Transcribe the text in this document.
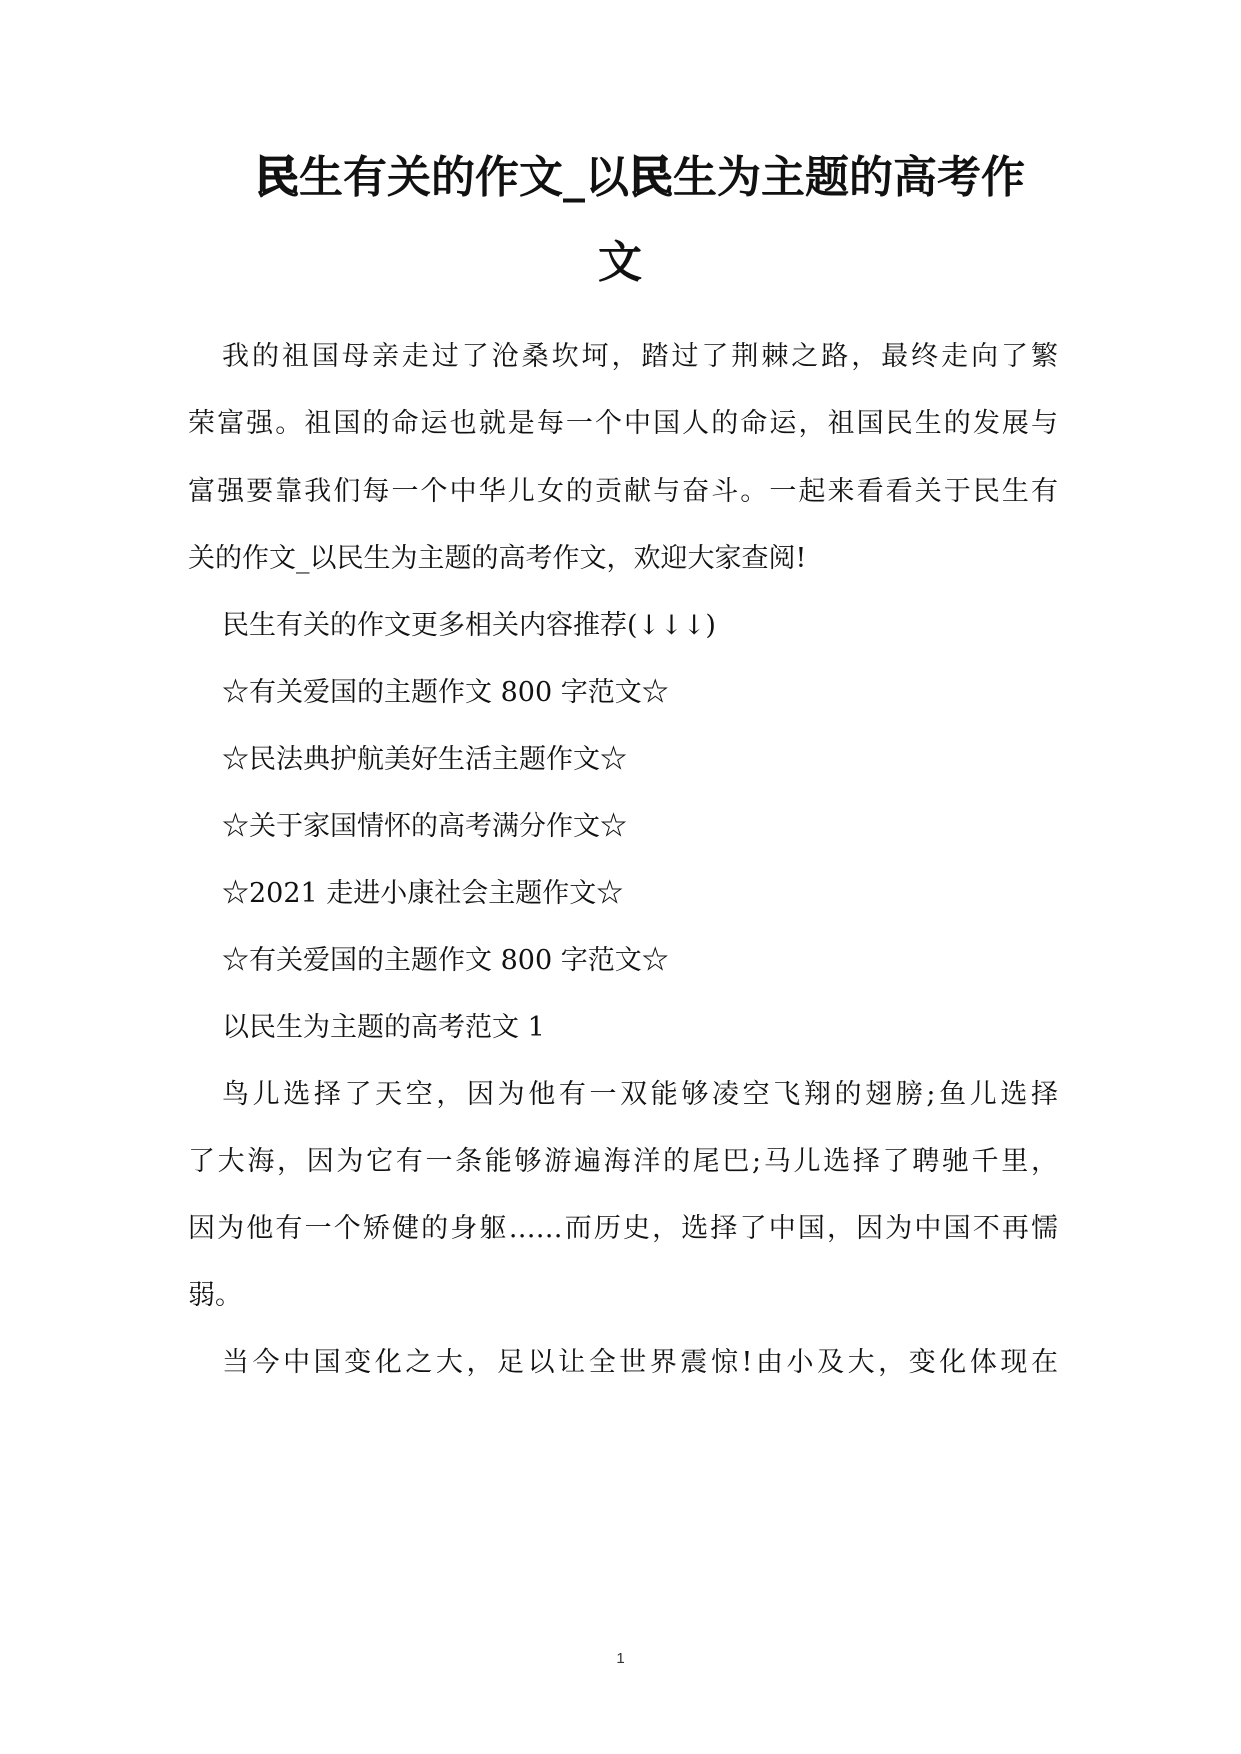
民生有关的作文_以民生为主题的高考作
文
我的祖国母亲走过了沧桑坎坷，踏过了荆棘之路，最终走向了繁
荣富强。祖国的命运也就是每一个中国人的命运，祖国民生的发展与
富强要靠我们每一个中华儿女的贡献与奋斗。一起来看看关于民生有
关的作文_以民生为主题的高考作文，欢迎大家查阅!
民生有关的作文更多相关内容推荐(↓↓↓)
☆有关爱国的主题作文 800 字范文☆
☆民法典护航美好生活主题作文☆
☆关于家国情怀的高考满分作文☆
☆2021 走进小康社会主题作文☆
☆有关爱国的主题作文 800 字范文☆
以民生为主题的高考范文 1
鸟儿选择了天空，因为他有一双能够凌空飞翔的翅膀;鱼儿选择
了大海，因为它有一条能够游遍海洋的尾巴;马儿选择了聘驰千里，
因为他有一个矫健的身躯……而历史，选择了中国，因为中国不再懦
弱。
当今中国变化之大，足以让全世界震惊!由小及大，变化体现在
1
